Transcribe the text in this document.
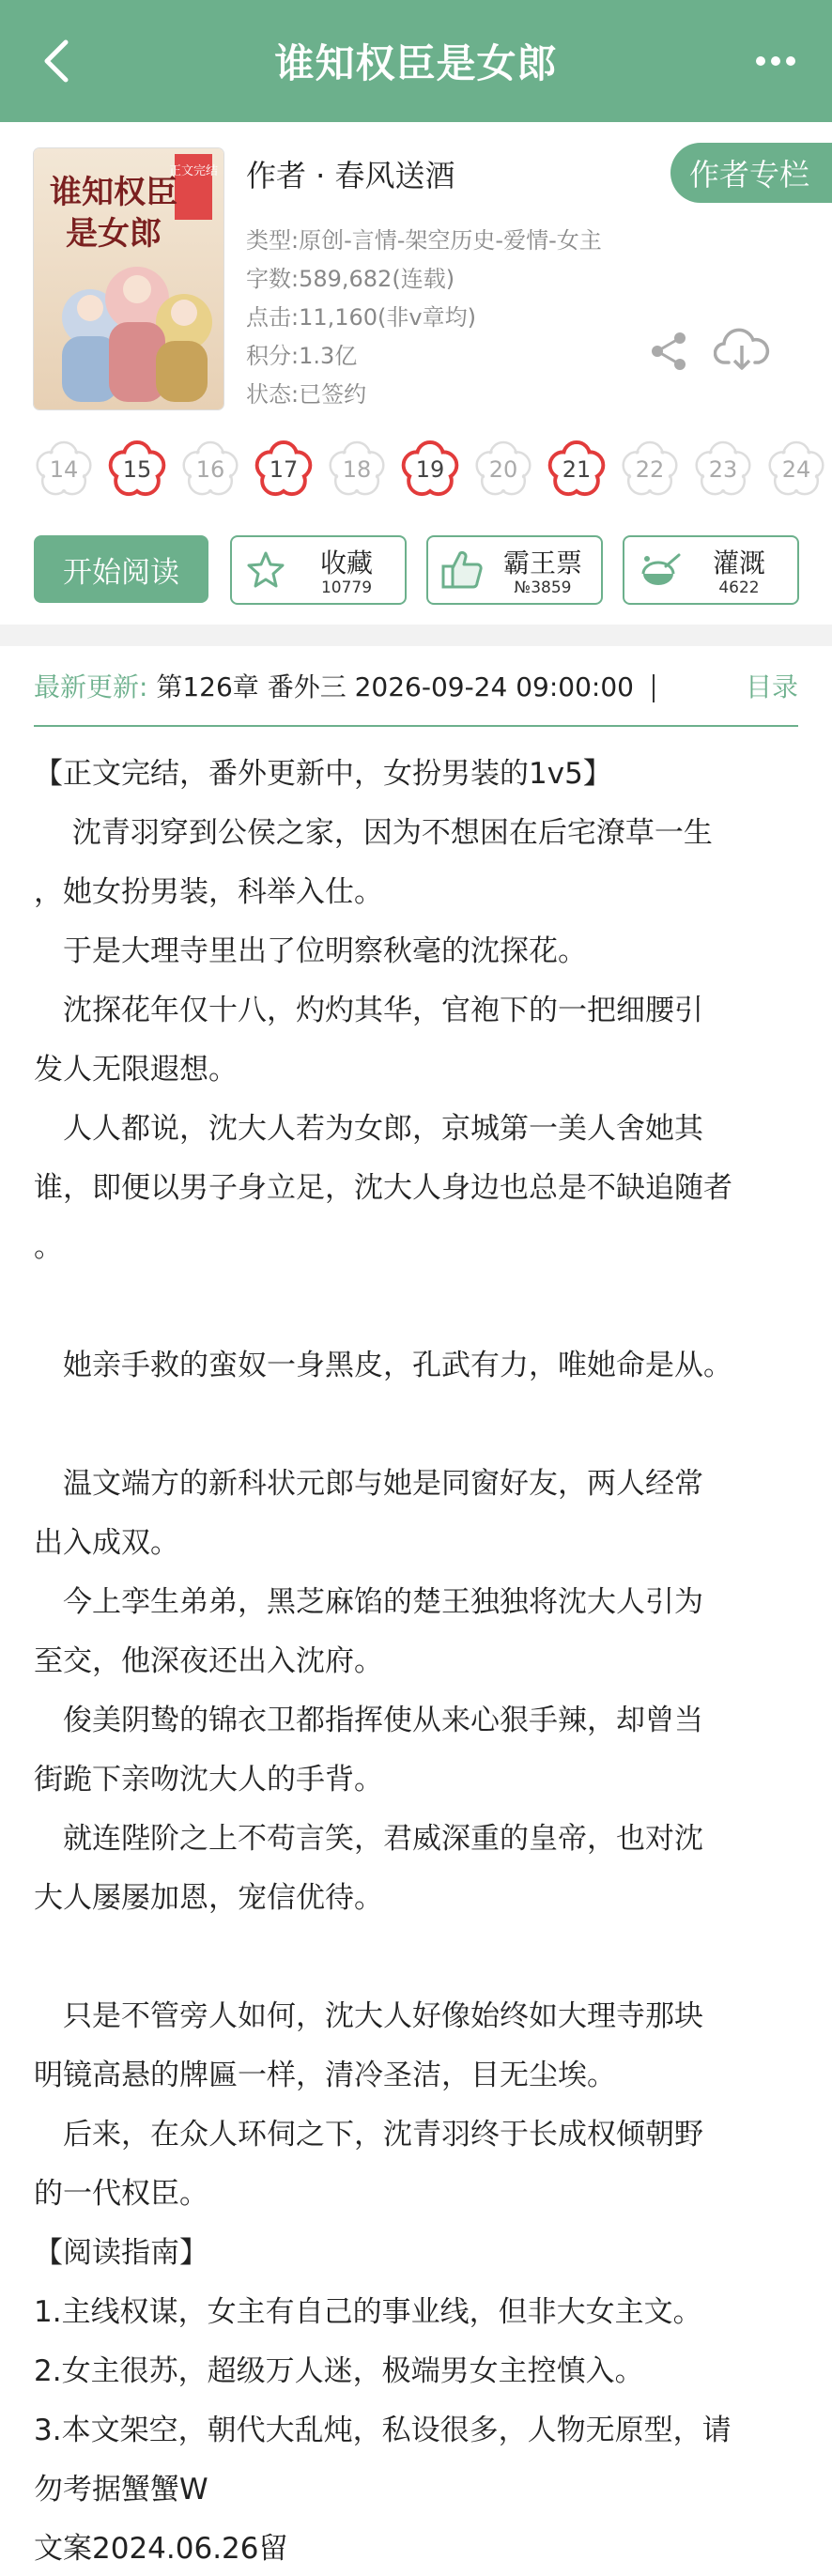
谁知权臣是女郎
正文完结
谁知权臣
是女郎
作者 · 春风送酒	作者专栏
类型:原创-言情-架空历史-爱情-女主
字数:589,682(连载)
点击:11,160(非v章均)
积分:1.3亿
状态:已签约
14	15	16	17	18	19	20	21	22	23	24
开始阅读	收藏
10779
霸王票
№3859
灌溉
4622
最新更新: 第126章 番外三 2026-09-24 09:00:00	目录
【正文完结，番外更新中，女扮男装的1v5】
　 沈青羽穿到公侯之家，因为不想困在后宅潦草一生
，她女扮男装，科举入仕。
　于是大理寺里出了位明察秋毫的沈探花。
　沈探花年仅十八，灼灼其华，官袍下的一把细腰引
发人无限遐想。
　人人都说，沈大人若为女郎，京城第一美人舍她其
谁，即便以男子身立足，沈大人身边也总是不缺追随者
。
　她亲手救的蛮奴一身黑皮，孔武有力，唯她命是从。
　温文端方的新科状元郎与她是同窗好友，两人经常
出入成双。
　今上孪生弟弟，黑芝麻馅的楚王独独将沈大人引为
至交，他深夜还出入沈府。
　俊美阴鸷的锦衣卫都指挥使从来心狠手辣，却曾当
街跪下亲吻沈大人的手背。
　就连陛阶之上不苟言笑，君威深重的皇帝，也对沈
大人屡屡加恩，宠信优待。
　只是不管旁人如何，沈大人好像始终如大理寺那块
明镜高悬的牌匾一样，清冷圣洁，目无尘埃。
　后来，在众人环伺之下，沈青羽终于长成权倾朝野
的一代权臣。
【阅读指南】
1.主线权谋，女主有自己的事业线，但非大女主文。
2.女主很苏，超级万人迷，极端男女主控慎入。
3.本文架空，朝代大乱炖，私设很多，人物无原型，请
勿考据蟹蟹W
文案2024.06.26留
